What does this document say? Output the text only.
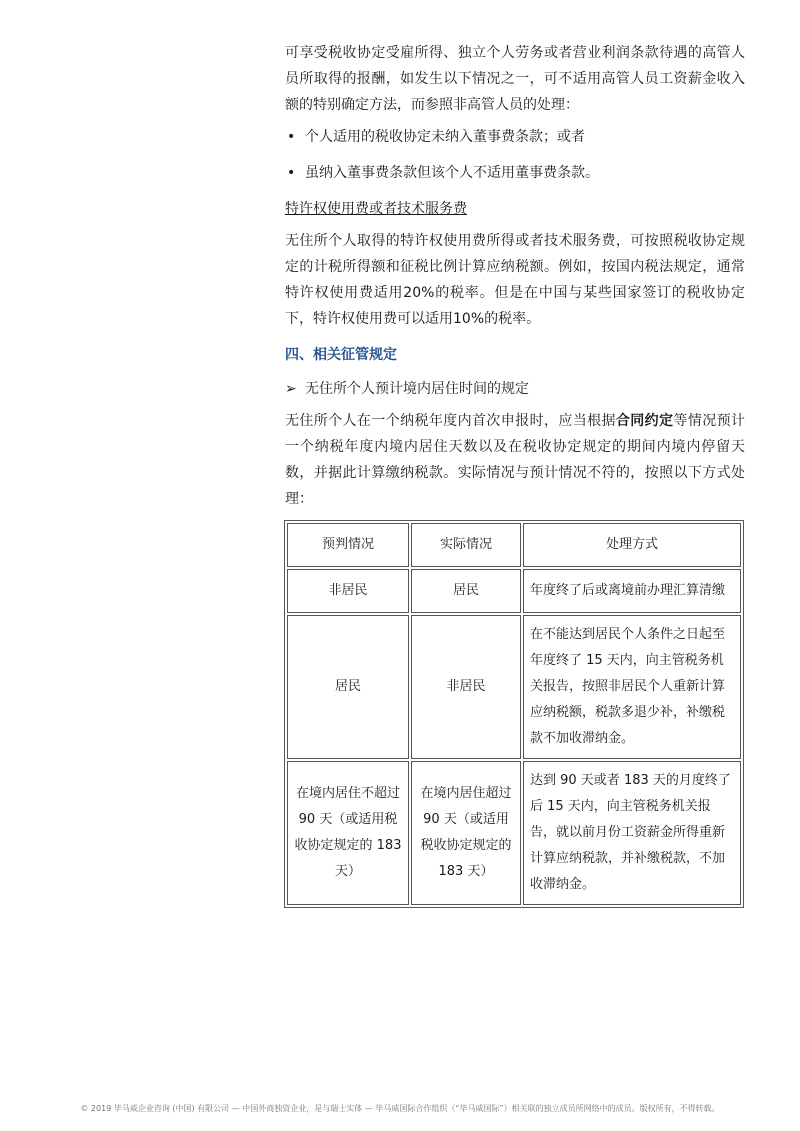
可享受税收协定受雇所得、独立个人劳务或者营业利润条款待遇的高管人员所取得的报酬，如发生以下情况之一，可不适用高管人员工资薪金收入额的特别确定方法，而参照非高管人员的处理：

• 个人适用的税收协定未纳入董事费条款；或者
• 虽纳入董事费条款但该个人不适用董事费条款。

特许权使用费或者技术服务费

无住所个人取得的特许权使用费所得或者技术服务费，可按照税收协定规定的计税所得额和征税比例计算应纳税额。例如，按国内税法规定，通常特许权使用费适用20%的税率。但是在中国与某些国家签订的税收协定下，特许权使用费可以适用10%的税率。

四、相关征管规定

➢ 无住所个人预计境内居住时间的规定

无住所个人在一个纳税年度内首次申报时，应当根据合同约定等情况预计一个纳税年度内境内居住天数以及在税收协定规定的期间内境内停留天数，并据此计算缴纳税款。实际情况与预计情况不符的，按照以下方式处理：

预判情况	实际情况	处理方式
非居民	居民	年度终了后或离境前办理汇算清缴
居民	非居民	在不能达到居民个人条件之日起至年度终了 15 天内，向主管税务机关报告，按照非居民个人重新计算应纳税额，税款多退少补，补缴税款不加收滞纳金。
在境内居住不超过 90 天（或适用税收协定规定的 183 天）	在境内居住超过 90 天（或适用税收协定规定的 183 天）	达到 90 天或者 183 天的月度终了后 15 天内，向主管税务机关报告，就以前月份工资薪金所得重新计算应纳税款，并补缴税款，不加收滞纳金。
© 2019 毕马威企业咨询 (中国) 有限公司 — 中国外商独资企业，是与瑞士实体 — 毕马威国际合作组织（“毕马威国际”）相关联的独立成员所网络中的成员。版权所有，不得转载。
